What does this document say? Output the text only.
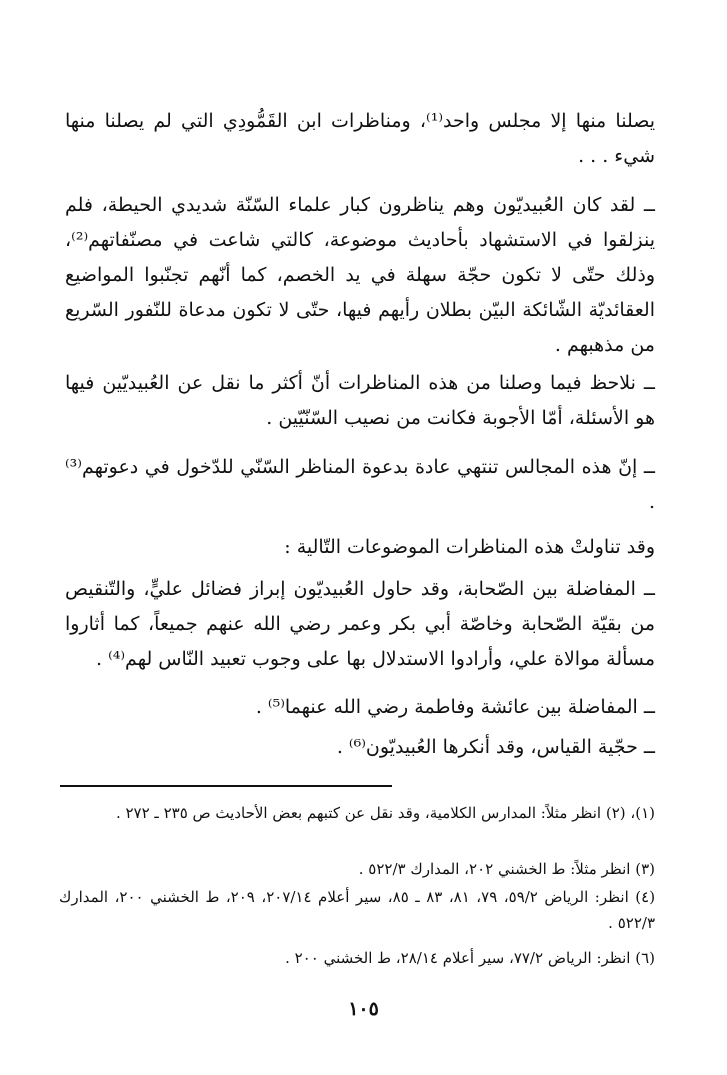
يصلنا منها إلا مجلس واحد⁽¹⁾، ومناظرات ابن القَمُّودِي التي لم يصلنا منها شيء . . .

ــ لقد كان العُبيديّون وهم يناظرون كبار علماء السّنّة شديدي الحيطة، فلم ينزلقوا في الاستشهاد بأحاديث موضوعة، كالتي شاعت في مصنّفاتهم⁽²⁾، وذلك حتّى لا تكون حجّة سهلة في يد الخصم، كما أنّهم تجنّبوا المواضيع العقائديّة الشّائكة البيّن بطلان رأيهم فيها، حتّى لا تكون مدعاة للنّفور السّريع من مذهبهم .

ــ نلاحظ فيما وصلنا من هذه المناظرات أنّ أكثر ما نقل عن العُبيديّين فيها هو الأسئلة، أمّا الأجوبة فكانت من نصيب السّنّيّين .

ــ إنّ هذه المجالس تنتهي عادة بدعوة المناظر السّنّي للدّخول في دعوتهم⁽³⁾ .

وقد تناولتْ هذه المناظرات الموضوعات التّالية :

ــ المفاضلة بين الصّحابة، وقد حاول العُبيديّون إبراز فضائل عليٍّ، والتّنقيص من بقيّة الصّحابة وخاصّة أبي بكر وعمر رضي الله عنهم جميعاً، كما أثاروا مسألة موالاة علي، وأرادوا الاستدلال بها على وجوب تعبيد النّاس لهم⁽⁴⁾ .

ــ المفاضلة بين عائشة وفاطمة رضي الله عنهما⁽⁵⁾ .

ــ حجّية القياس، وقد أنكرها العُبيديّون⁽⁶⁾ .

(١)، (٢) انظر مثلاً: المدارس الكلامية، وقد نقل عن كتبهم بعض الأحاديث ص ٢٣٥ ـ ٢٧٢ .

(٣) انظر مثلاً: ط الخشني ٢٠٢، المدارك ٥٢٢/٣ .

(٤) انظر: الرياض ٥٩/٢، ٧٩، ٨١، ٨٣ ـ ٨٥، سير أعلام ٢٠٧/١٤، ٢٠٩، ط الخشني ٢٠٠، المدارك ٥٢٢/٣ .

(٦) انظر: الرياض ٧٧/٢، سير أعلام ٢٨/١٤، ط الخشني ٢٠٠ .

١٠٥
